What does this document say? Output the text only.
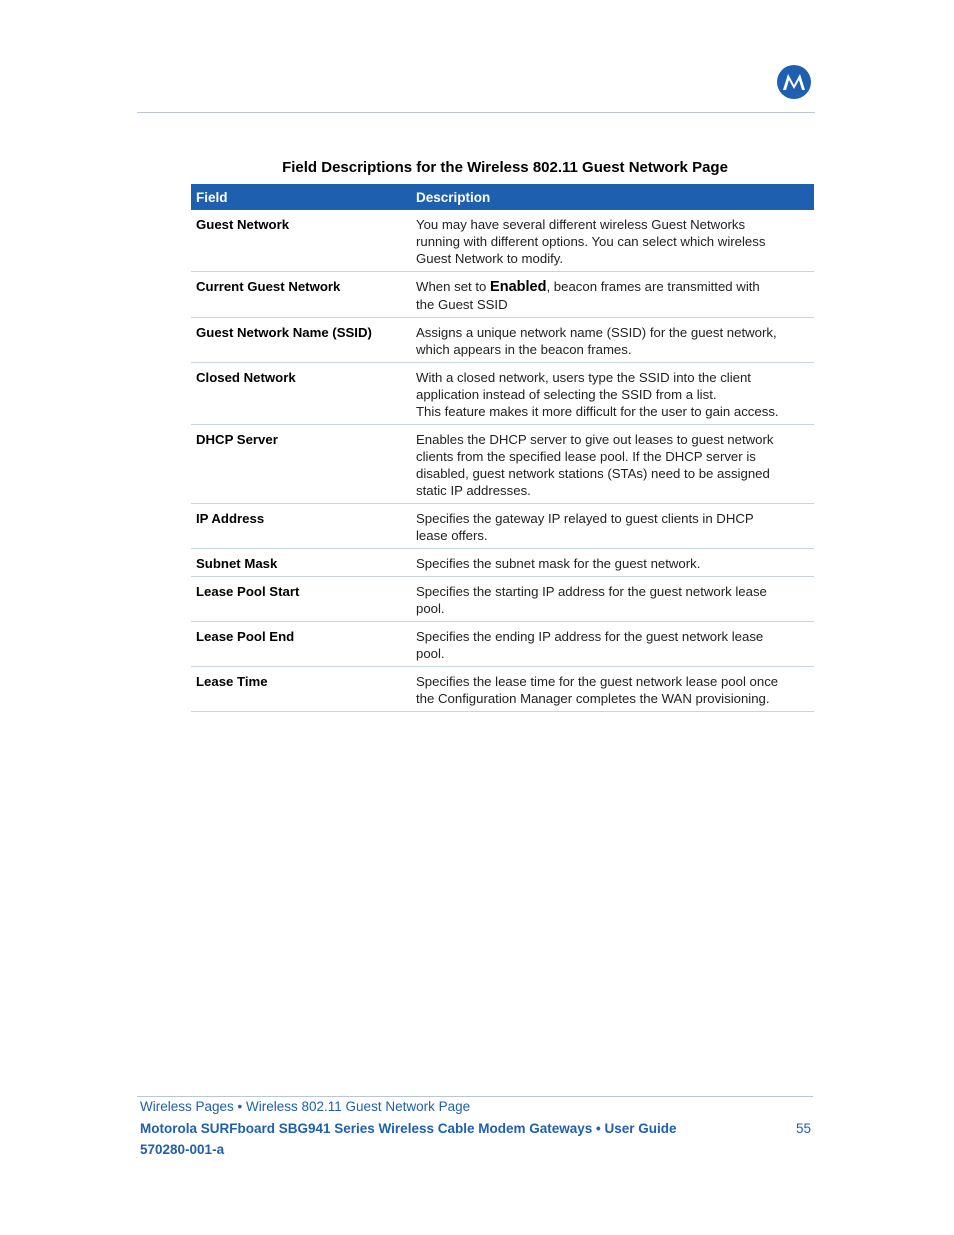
Field Descriptions for the Wireless 802.11 Guest Network Page
Field	Description
Guest Network	You may have several different wireless Guest Networks
running with different options. You can select which wireless
Guest Network to modify.

Current Guest Network	When set to Enabled, beacon frames are transmitted with
the Guest SSID

Guest Network Name (SSID)	Assigns a unique network name (SSID) for the guest network,
which appears in the beacon frames.

Closed Network	With a closed network, users type the SSID into the client
application instead of selecting the SSID from a list.
This feature makes it more difficult for the user to gain access.

DHCP Server	Enables the DHCP server to give out leases to guest network
clients from the specified lease pool. If the DHCP server is
disabled, guest network stations (STAs) need to be assigned
static IP addresses.

IP Address	Specifies the gateway IP relayed to guest clients in DHCP
lease offers.

Subnet Mask	Specifies the subnet mask for the guest network.

Lease Pool Start	Specifies the starting IP address for the guest network lease
pool.

Lease Pool End	Specifies the ending IP address for the guest network lease
pool.

Lease Time	Specifies the lease time for the guest network lease pool once
the Configuration Manager completes the WAN provisioning.
Wireless Pages • Wireless 802.11 Guest Network Page
Motorola SURFboard SBG941 Series Wireless Cable Modem Gateways • User Guide
570280-001-a
55
